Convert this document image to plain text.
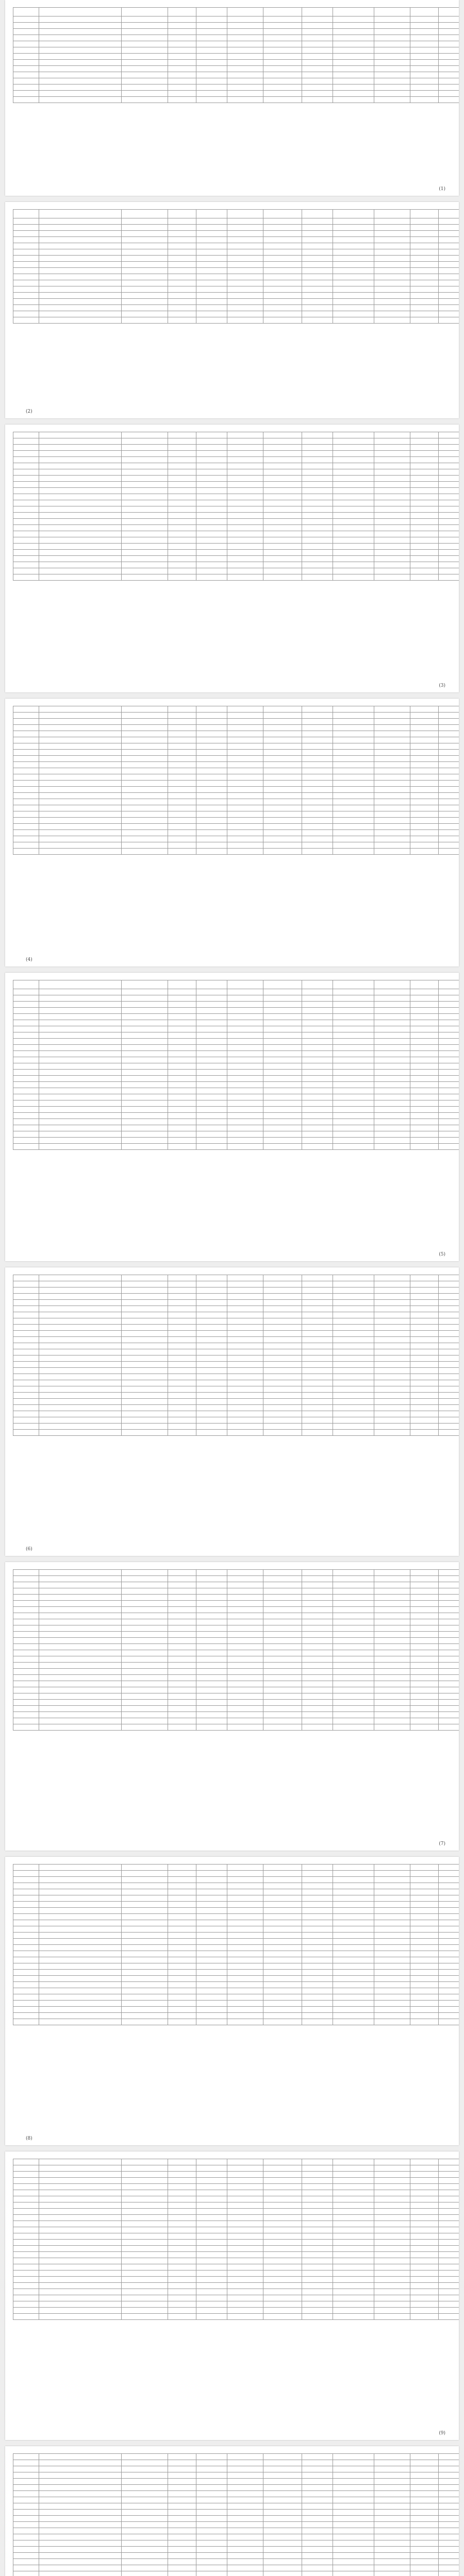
(1)

(2)

(3)

(4)

(5)

(6)

(7)

(8)

(9)
